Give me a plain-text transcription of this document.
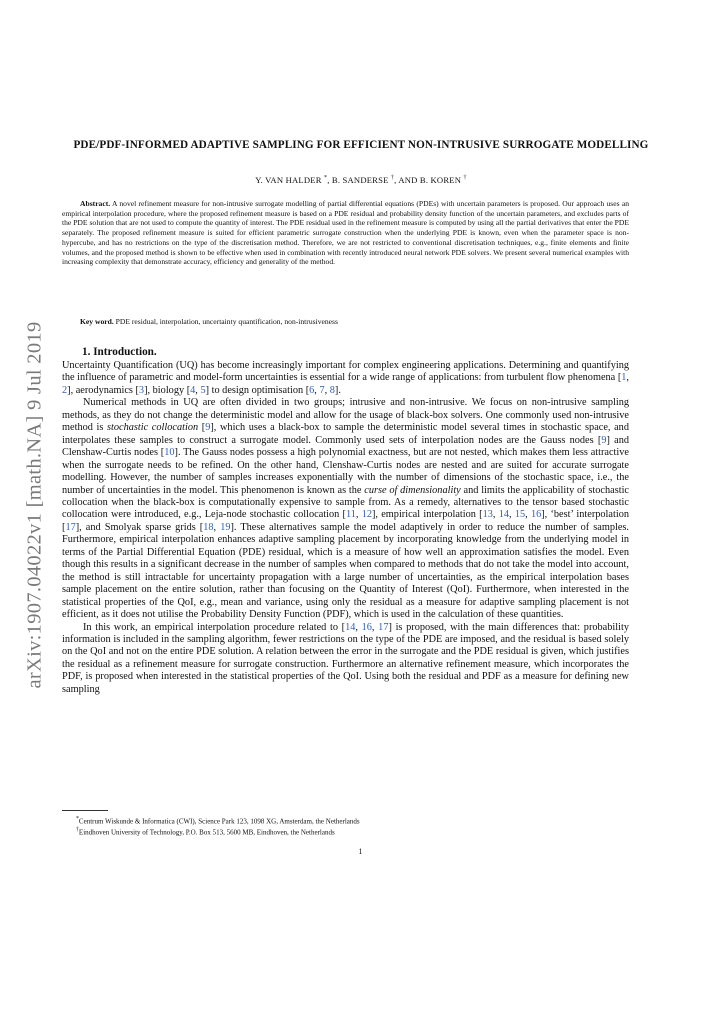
arXiv:1907.04022v1 [math.NA] 9 Jul 2019
PDE/PDF-INFORMED ADAPTIVE SAMPLING FOR EFFICIENT NON-INTRUSIVE SURROGATE MODELLING
Y. VAN HALDER *, B. SANDERSE †, AND B. KOREN †

Abstract. A novel refinement measure for non-intrusive surrogate modelling of partial differential equations (PDEs) with uncertain parameters is proposed. Our approach uses an empirical interpolation procedure, where the proposed refinement measure is based on a PDE residual and probability density function of the uncertain parameters, and excludes parts of the PDE solution that are not used to compute the quantity of interest. The PDE residual used in the refinement measure is computed by using all the partial derivatives that enter the PDE separately. The proposed refinement measure is suited for efficient parametric surrogate construction when the underlying PDE is known, even when the parameter space is non-hypercube, and has no restrictions on the type of the discretisation method. Therefore, we are not restricted to conventional discretisation techniques, e.g., finite elements and finite volumes, and the proposed method is shown to be effective when used in combination with recently introduced neural network PDE solvers. We present several numerical examples with increasing complexity that demonstrate accuracy, efficiency and generality of the method.

Key word. PDE residual, interpolation, uncertainty quantification, non-intrusiveness
1. Introduction.

Uncertainty Quantification (UQ) has become increasingly important for complex engineering applications. Determining and quantifying the influence of parametric and model-form uncertainties is essential for a wide range of applications: from turbulent flow phenomena [1, 2], aerodynamics [3], biology [4, 5] to design optimisation [6, 7, 8].

Numerical methods in UQ are often divided in two groups; intrusive and non-intrusive. We focus on non-intrusive sampling methods, as they do not change the deterministic model and allow for the usage of black-box solvers. One commonly used non-intrusive method is stochastic collocation [9], which uses a black-box to sample the deterministic model several times in stochastic space, and interpolates these samples to construct a surrogate model. Commonly used sets of interpolation nodes are the Gauss nodes [9] and Clenshaw-Curtis nodes [10]. The Gauss nodes possess a high polynomial exactness, but are not nested, which makes them less attractive when the surrogate needs to be refined. On the other hand, Clenshaw-Curtis nodes are nested and are suited for accurate surrogate modelling. However, the number of samples increases exponentially with the number of dimensions of the stochastic space, i.e., the number of uncertainties in the model. This phenomenon is known as the curse of dimensionality and limits the applicability of stochastic collocation when the black-box is computationally expensive to sample from. As a remedy, alternatives to the tensor based stochastic collocation were introduced, e.g., Leja-node stochastic collocation [11, 12], empirical interpolation [13, 14, 15, 16], ‘best’ interpolation [17], and Smolyak sparse grids [18, 19]. These alternatives sample the model adaptively in order to reduce the number of samples. Furthermore, empirical interpolation enhances adaptive sampling placement by incorporating knowledge from the underlying model in terms of the Partial Differential Equation (PDE) residual, which is a measure of how well an approximation satisfies the model. Even though this results in a significant decrease in the number of samples when compared to methods that do not take the model into account, the method is still intractable for uncertainty propagation with a large number of uncertainties, as the empirical interpolation bases sample placement on the entire solution, rather than focusing on the Quantity of Interest (QoI). Furthermore, when interested in the statistical properties of the QoI, e.g., mean and variance, using only the residual as a measure for adaptive sampling placement is not efficient, as it does not utilise the Probability Density Function (PDF), which is used in the calculation of these quantities.

In this work, an empirical interpolation procedure related to [14, 16, 17] is proposed, with the main differences that: probability information is included in the sampling algorithm, fewer restrictions on the type of the PDE are imposed, and the residual is based solely on the QoI and not on the entire PDE solution. A relation between the error in the surrogate and the PDE residual is given, which justifies the residual as a refinement measure for surrogate construction. Furthermore an alternative refinement measure, which incorporates the PDF, is proposed when interested in the statistical properties of the QoI. Using both the residual and PDF as a measure for defining new sampling

*Centrum Wiskunde & Informatica (CWI), Science Park 123, 1098 XG, Amsterdam, the Netherlands
†Eindhoven University of Technology, P.O. Box 513, 5600 MB, Eindhoven, the Netherlands
1
